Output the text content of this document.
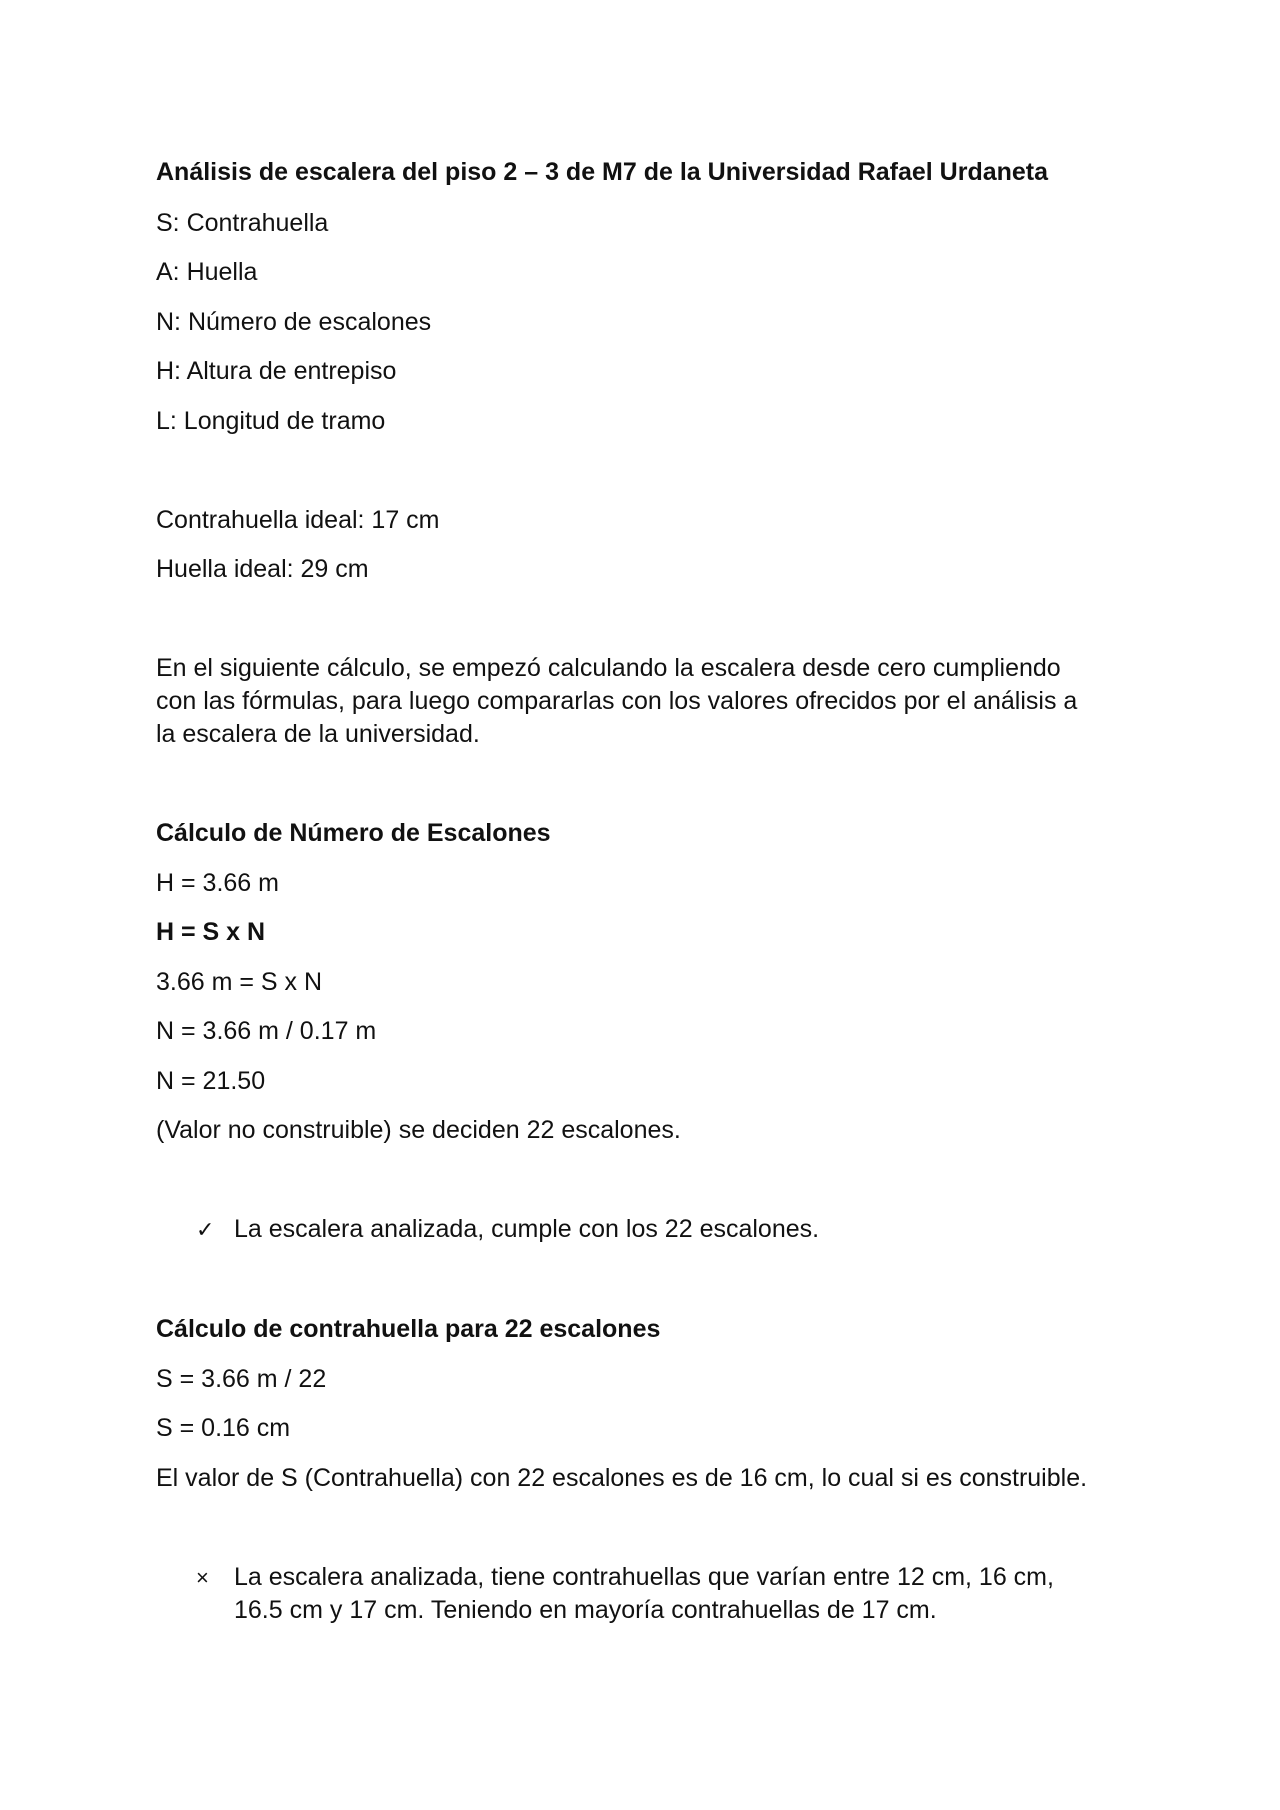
Análisis de escalera del piso 2 – 3 de M7 de la Universidad Rafael Urdaneta
S: Contrahuella
A: Huella
N: Número de escalones
H: Altura de entrepiso
L: Longitud de tramo
Contrahuella ideal: 17 cm
Huella ideal: 29 cm
En el siguiente cálculo, se empezó calculando la escalera desde cero cumpliendo
con las fórmulas, para luego compararlas con los valores ofrecidos por el análisis a
la escalera de la universidad.
Cálculo de Número de Escalones
H = 3.66 m
H = S x N
3.66 m = S x N
N = 3.66 m / 0.17 m
N = 21.50
(Valor no construible) se deciden 22 escalones.
✓ La escalera analizada, cumple con los 22 escalones.
Cálculo de contrahuella para 22 escalones
S = 3.66 m / 22
S = 0.16 cm
El valor de S (Contrahuella) con 22 escalones es de 16 cm, lo cual si es construible.
×	La escalera analizada, tiene contrahuellas que varían entre 12 cm, 16 cm,
16.5 cm y 17 cm. Teniendo en mayoría contrahuellas de 17 cm.
